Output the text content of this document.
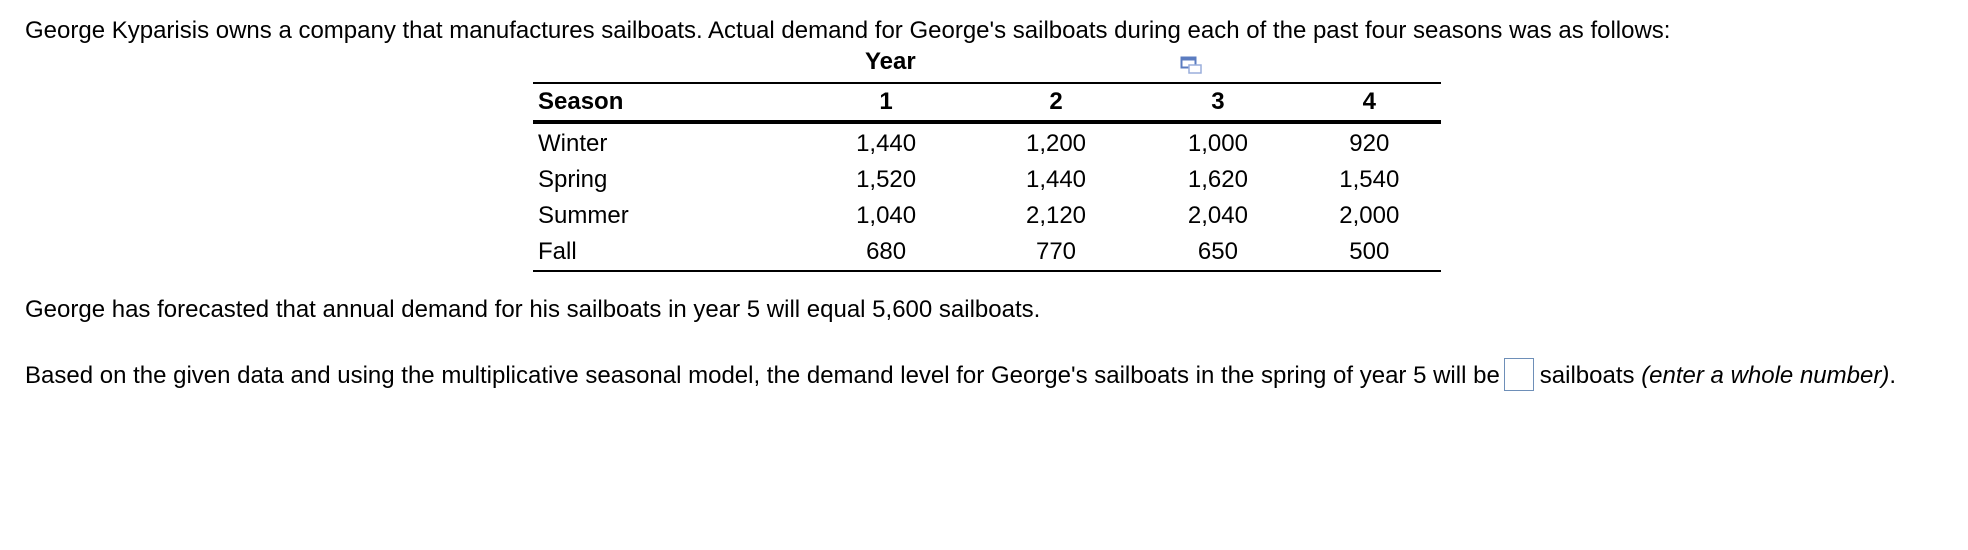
George Kyparisis owns a company that manufactures sailboats. Actual demand for George's sailboats during each of the past four seasons was as follows:
Year
Season	1	2	3	4
Winter	1,440	1,200	1,000	920
Spring	1,520	1,440	1,620	1,540
Summer	1,040	2,120	2,040	2,000
Fall	680	770	650	500
George has forecasted that annual demand for his sailboats in year 5 will equal 5,600 sailboats.
Based on the given data and using the multiplicative seasonal model, the demand level for George's sailboats in the spring of year 5 will be sailboats (enter a whole number).
